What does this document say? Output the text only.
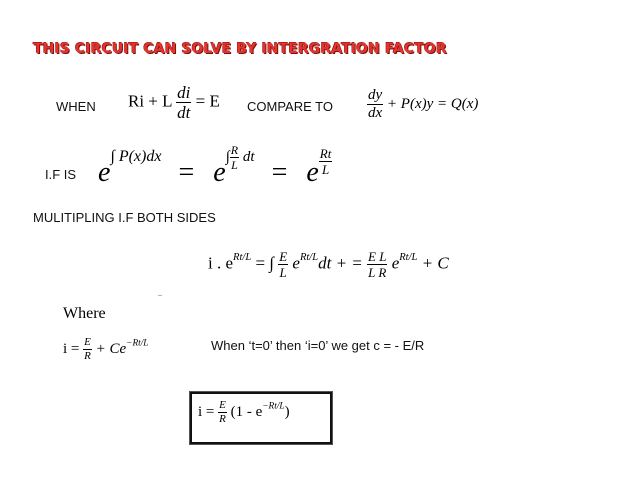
THIS CIRCUIT CAN SOLVE BY INTERGRATION FACTOR
WHEN Ri + L $\frac{di}{dt} = E$ COMPARE TO $\frac{dy}{dx} + P(x)y = Q(x)$
I.F IS $e^{\int P(x)dx} = e\int \frac{R}{L}$ dt = e $\frac{Rt}{L}$
MULITIPLING I.F BOTH SIDES
i . $e^{Rt/L}$ = ∫ $\frac{E}{L} e^{Rt/L}dt$ + = $\frac{\text{E L}}{\text{L R}} e^{Rt/L} + C$
–
Where
$i = \frac{E}{R} + Ce^{-Rt/L}$	When ‘t=0’ then ‘i=0’ we get c = - E/R
$i = \frac{E}{R} (1 - e^{-Rt/L})$
